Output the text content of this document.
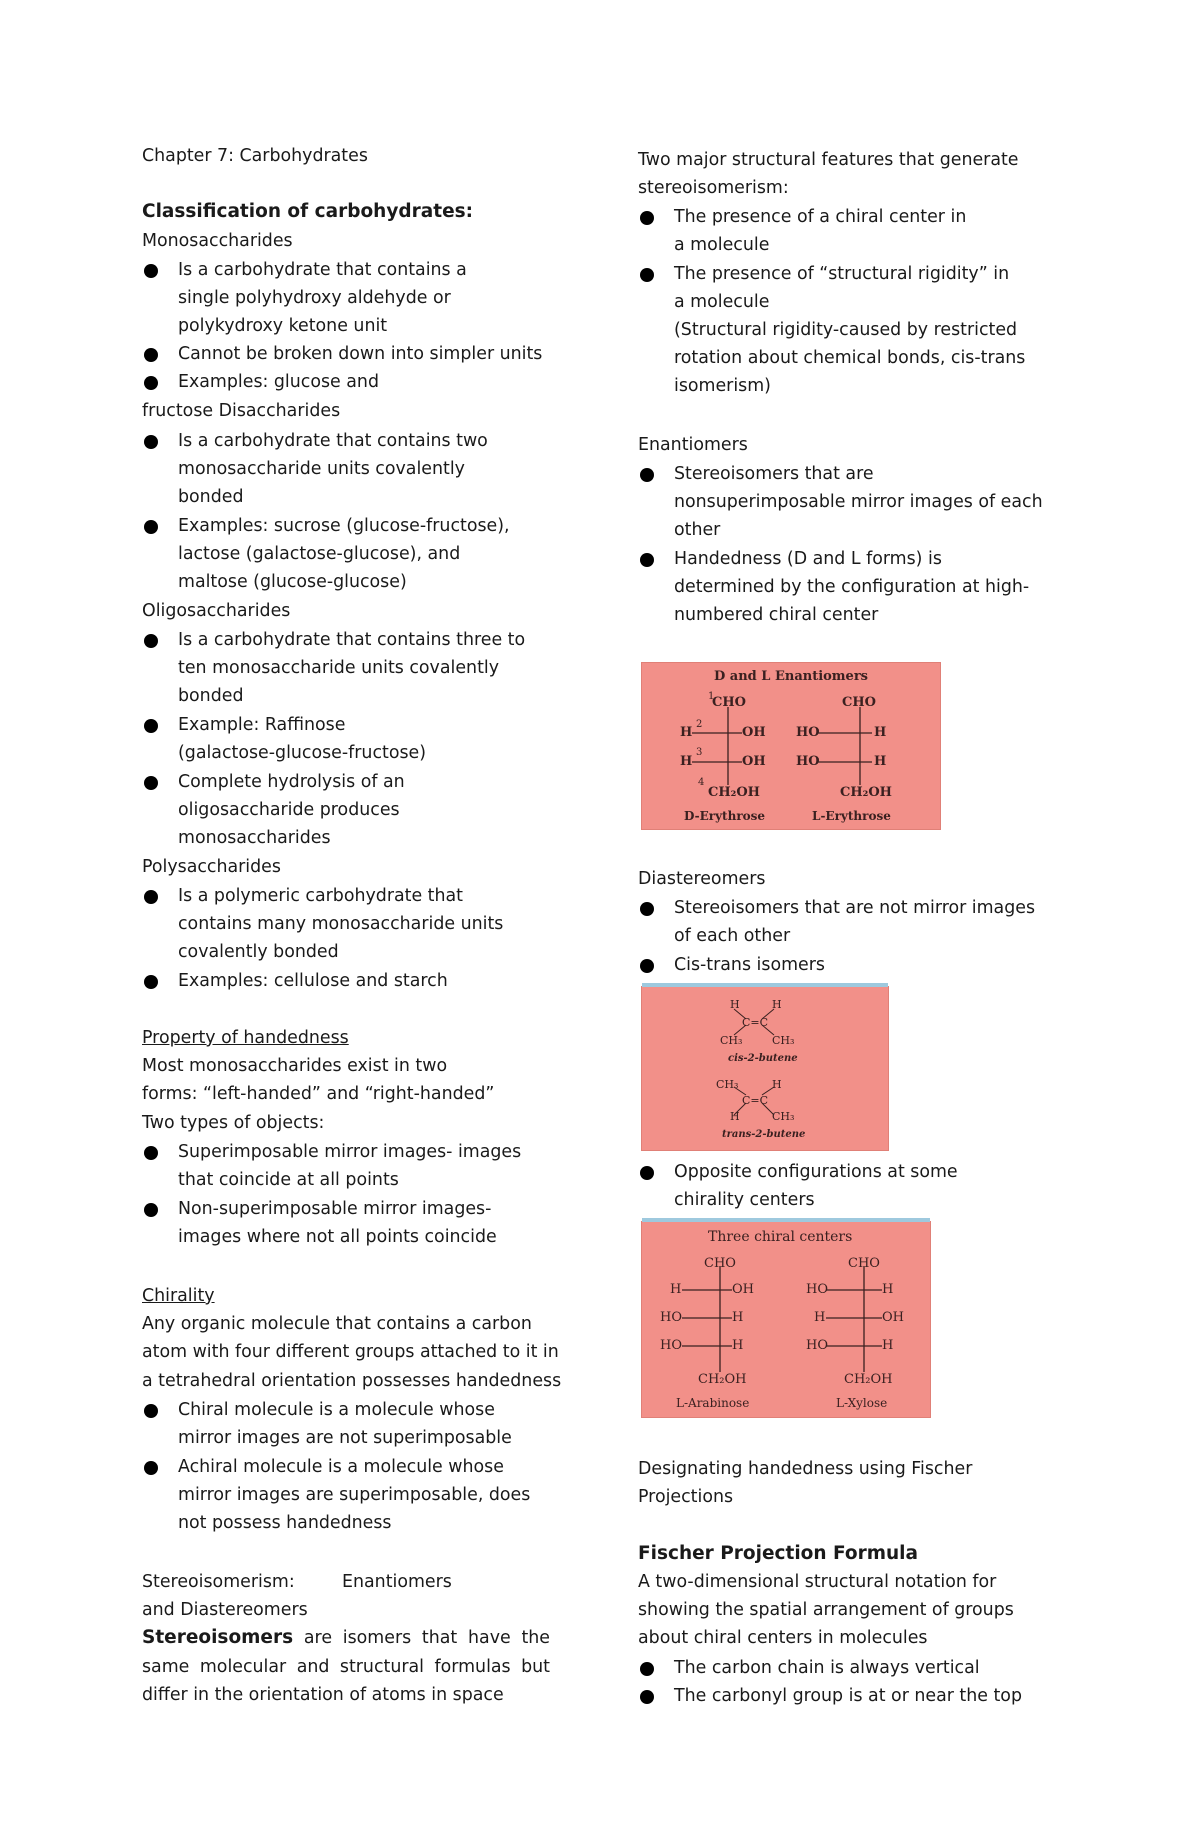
Chapter 7: Carbohydrates
Classification of carbohydrates:
Monosaccharides
Is a carbohydrate that contains a
single polyhydroxy aldehyde or
polykydroxy ketone unit
Cannot be broken down into simpler units
Examples: glucose and
fructose Disaccharides
Is a carbohydrate that contains two
monosaccharide units covalently
bonded
Examples: sucrose (glucose-fructose),
lactose (galactose-glucose), and
maltose (glucose-glucose)
Oligosaccharides
Is a carbohydrate that contains three to
ten monosaccharide units covalently
bonded
Example: Raffinose
(galactose-glucose-fructose)
Complete hydrolysis of an
oligosaccharide produces
monosaccharides
Polysaccharides
Is a polymeric carbohydrate that
contains many monosaccharide units
covalently bonded
Examples: cellulose and starch
Property of handedness
Most monosaccharides exist in two
forms: “left-handed” and “right-handed”
Two types of objects:
Superimposable mirror images- images
that coincide at all points
Non-superimposable mirror images-
images where not all points coincide
Chirality
Any organic molecule that contains a carbon
atom with four different groups attached to it in
a tetrahedral orientation possesses handedness
Chiral molecule is a molecule whose
mirror images are not superimposable
Achiral molecule is a molecule whose
mirror images are superimposable, does
not possess handedness
Stereoisomerism:	Enantiomers
and Diastereomers
Stereoisomers are isomers that have the
same molecular and structural formulas but
differ in the orientation of atoms in space
Two major structural features that generate
stereoisomerism:
The presence of a chiral center in
a molecule
The presence of “structural rigidity” in
a molecule
(Structural rigidity-caused by restricted
rotation about chemical bonds, cis-trans
isomerism)
Enantiomers
Stereoisomers that are
nonsuperimposable mirror images of each
other
Handedness (D and L forms) is
determined by the configuration at high-
numbered chiral center
D and L Enantiomers
1
CHO
2
H	OH
3
H	OH
4
CH₂OH
D-Erythrose
CHO
HO	H
HO	H
CH₂OH
L-Erythrose
Diastereomers
Stereoisomers that are not mirror images
of each other
Cis-trans isomers
H	H
C=C
CH₃	CH₃
cis-2-butene
CH₃	H
C=C
H	CH₃
trans-2-butene
Opposite configurations at some
chirality centers
Three chiral centers
CHO
H	OH
HO	H
HO	H
CH₂OH
L-Arabinose
CHO
HO	H
H	OH
HO	H
CH₂OH
L-Xylose
Designating handedness using Fischer
Projections
Fischer Projection Formula
A two-dimensional structural notation for
showing the spatial arrangement of groups
about chiral centers in molecules
The carbon chain is always vertical
The carbonyl group is at or near the top
